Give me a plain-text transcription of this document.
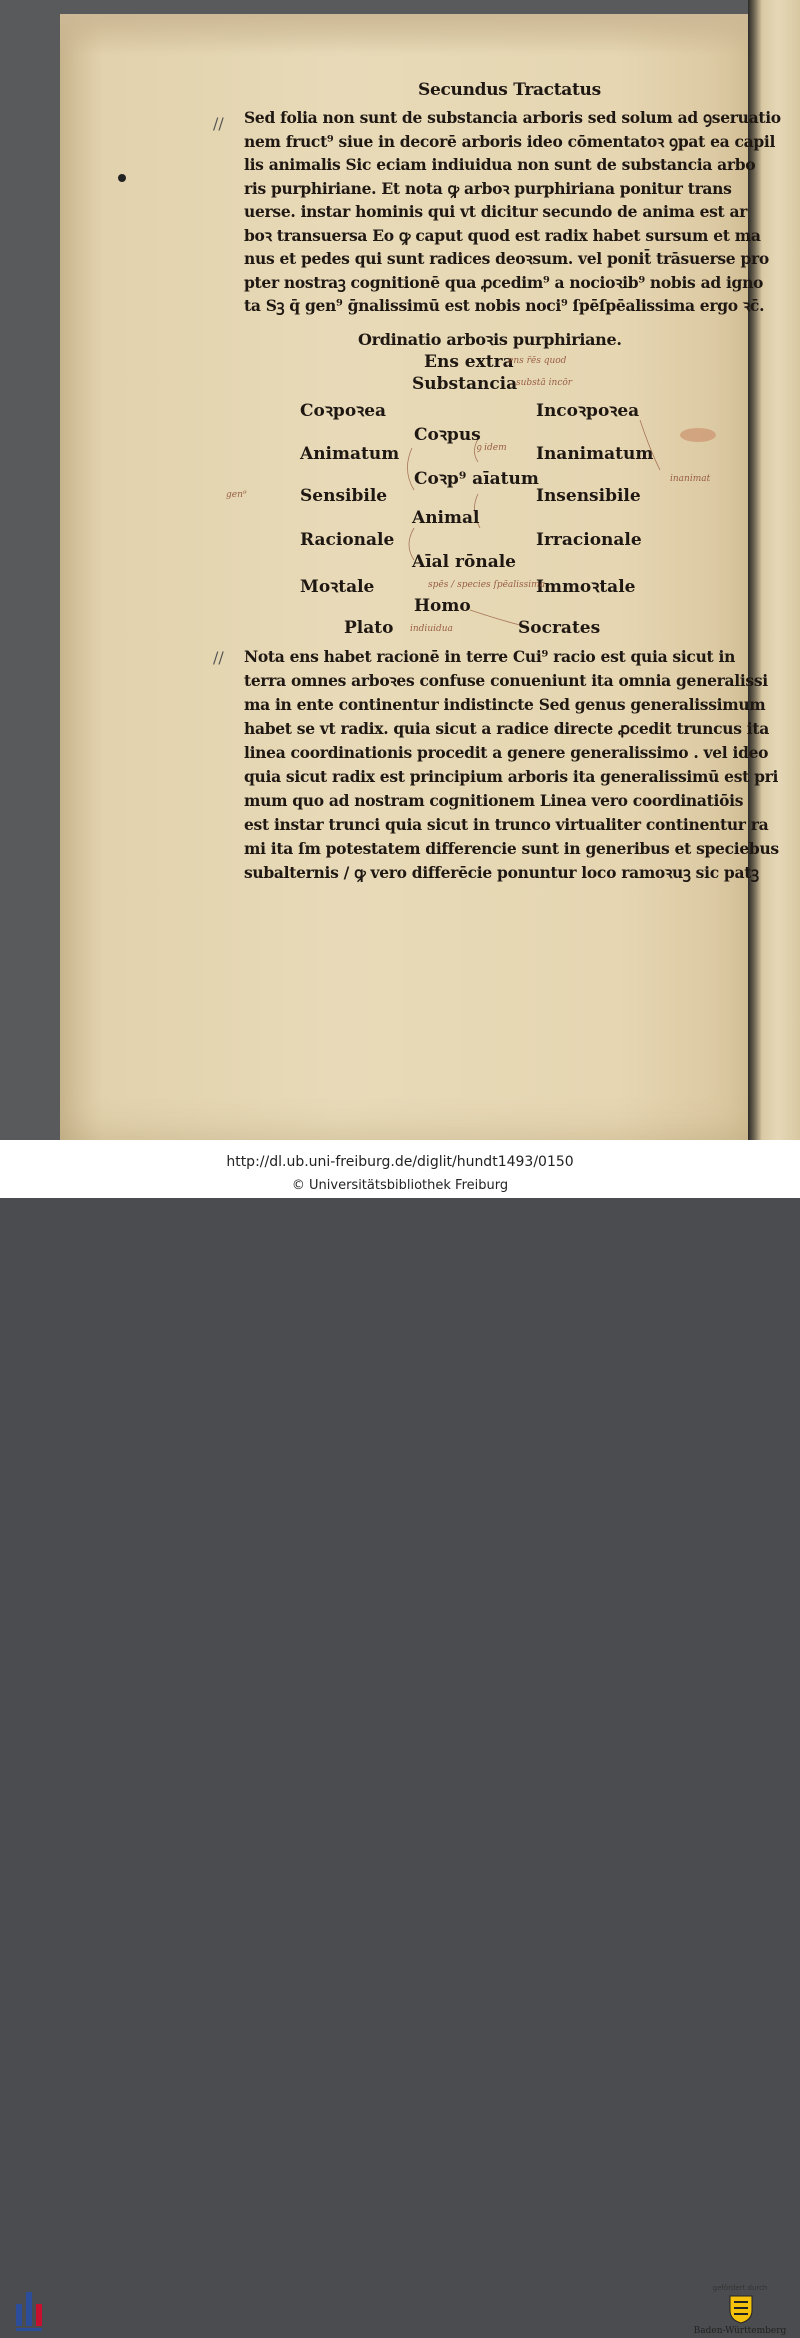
//
//
Secundus Tractatus
Sed folia non sunt de substancia arboris sed solum ad ꝯseruatio
nem fruct⁹ siue in decorē arboris ideo cōmentatoꝛ ꝯpat ea capil
lis animalis Sic eciam indiuidua non sunt de substancia arbo
ris purphiriane. Et nota ꝙ arboꝛ purphiriana ponitur trans
uerse. instar hominis qui vt dicitur secundo de anima est ar
boꝛ transuersa Eo ꝙ caput quod est radix habet sursum et ma
nus et pedes qui sunt radices deoꝛsum. vel ponit̄ trāsuerse pro
pter nostraꝫ cognitionē qua ꝓcedim⁹ a nocioꝛib⁹ nobis ad igno
ta Sꝫ q̄ gen⁹ ḡnalissimū est nobis noci⁹ ſpēſpēalissima ergo ꝛc̄.
Ordinatio arboꝛis purphiriane.
Ens extra
Substancia
Coꝛpoꝛea	Incoꝛpoꝛea
Coꝛpus
Animatum	Inanimatum
Coꝛp⁹ aīatum
Sensibile	Insensibile
Animal
Racionale	Irracionale
Aīal rōnale
Moꝛtale	Immoꝛtale
Homo
Plato	Socrates
ens r̄ēs quod
substā incōr
spēs / species ſpēalissima
indiuidua
inanimat
ꝯ idem
gen⁹
Nota ens habet racionē in terre Cui⁹ racio est quia sicut in
terra omnes arboꝛes confuse conueniunt ita omnia generalissi
ma in ente continentur indistincte Sed genus generalissimum
habet se vt radix. quia sicut a radice directe ꝓcedit truncus ita
linea coordinationis procedit a genere generalissimo . vel ideo
quia sicut radix est principium arboris ita generalissimū est pri
mum quo ad nostram cognitionem Linea vero coordinatiōis
est instar trunci quia sicut in trunco virtualiter continentur ra
mi ita ſm potestatem differencie sunt in generibus et speciebus
subalternis / ꝙ vero differēcie ponuntur loco ramoꝛuꝫ sic patꝫ
gefördert durch
Baden-Württemberg
http://dl.ub.uni-freiburg.de/diglit/hundt1493/0150
© Universitätsbibliothek Freiburg
